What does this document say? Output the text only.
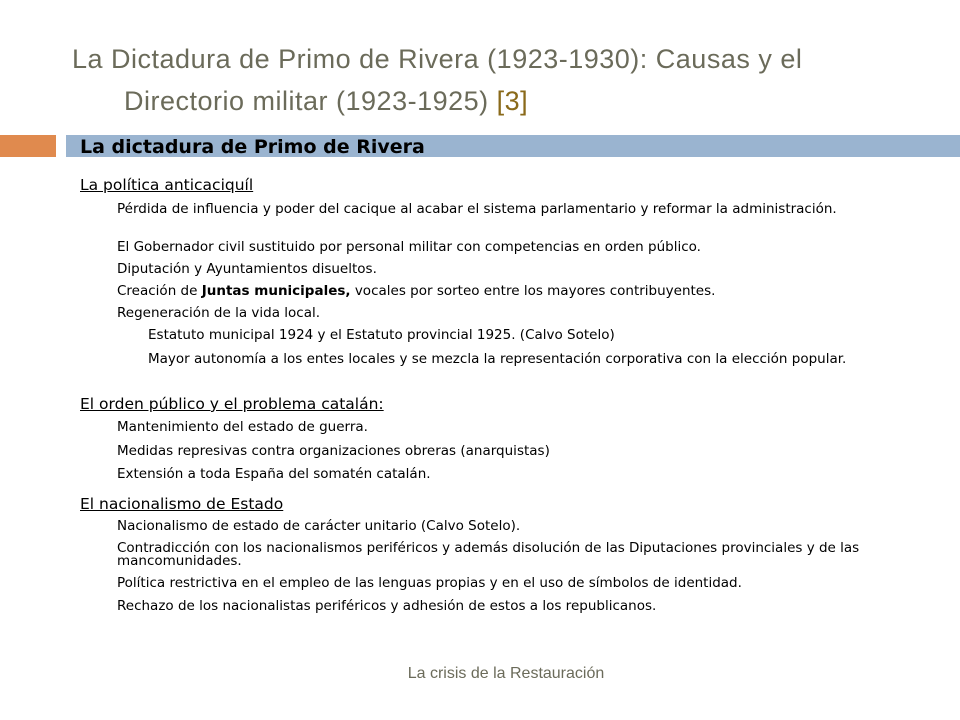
La Dictadura de Primo de Rivera (1923-1930): Causas y el
Directorio militar (1923-1925) [3]
La dictadura de Primo de Rivera
La política anticaciquíl
Pérdida de influencia y poder del cacique al acabar el sistema parlamentario y reformar la administración.
El Gobernador civil sustituido por personal militar con competencias en orden público.
Diputación y Ayuntamientos disueltos.
Creación de Juntas municipales, vocales por sorteo entre los mayores contribuyentes.
Regeneración de la vida local.
Estatuto municipal 1924 y el Estatuto provincial 1925. (Calvo Sotelo)
Mayor autonomía a los entes locales y se mezcla la representación corporativa con la elección popular.
El orden público y el problema catalán:
Mantenimiento del estado de guerra.
Medidas represivas contra organizaciones obreras (anarquistas)
Extensión a toda España del somatén catalán.
El nacionalismo de Estado
Nacionalismo de estado de carácter unitario (Calvo Sotelo).
Contradicción con los nacionalismos periféricos y además disolución de las Diputaciones provinciales y de las mancomunidades.
Política restrictiva en el empleo de las lenguas propias y en el uso de símbolos de identidad.
Rechazo de los nacionalistas periféricos y adhesión de estos a los republicanos.
La crisis de la Restauración
